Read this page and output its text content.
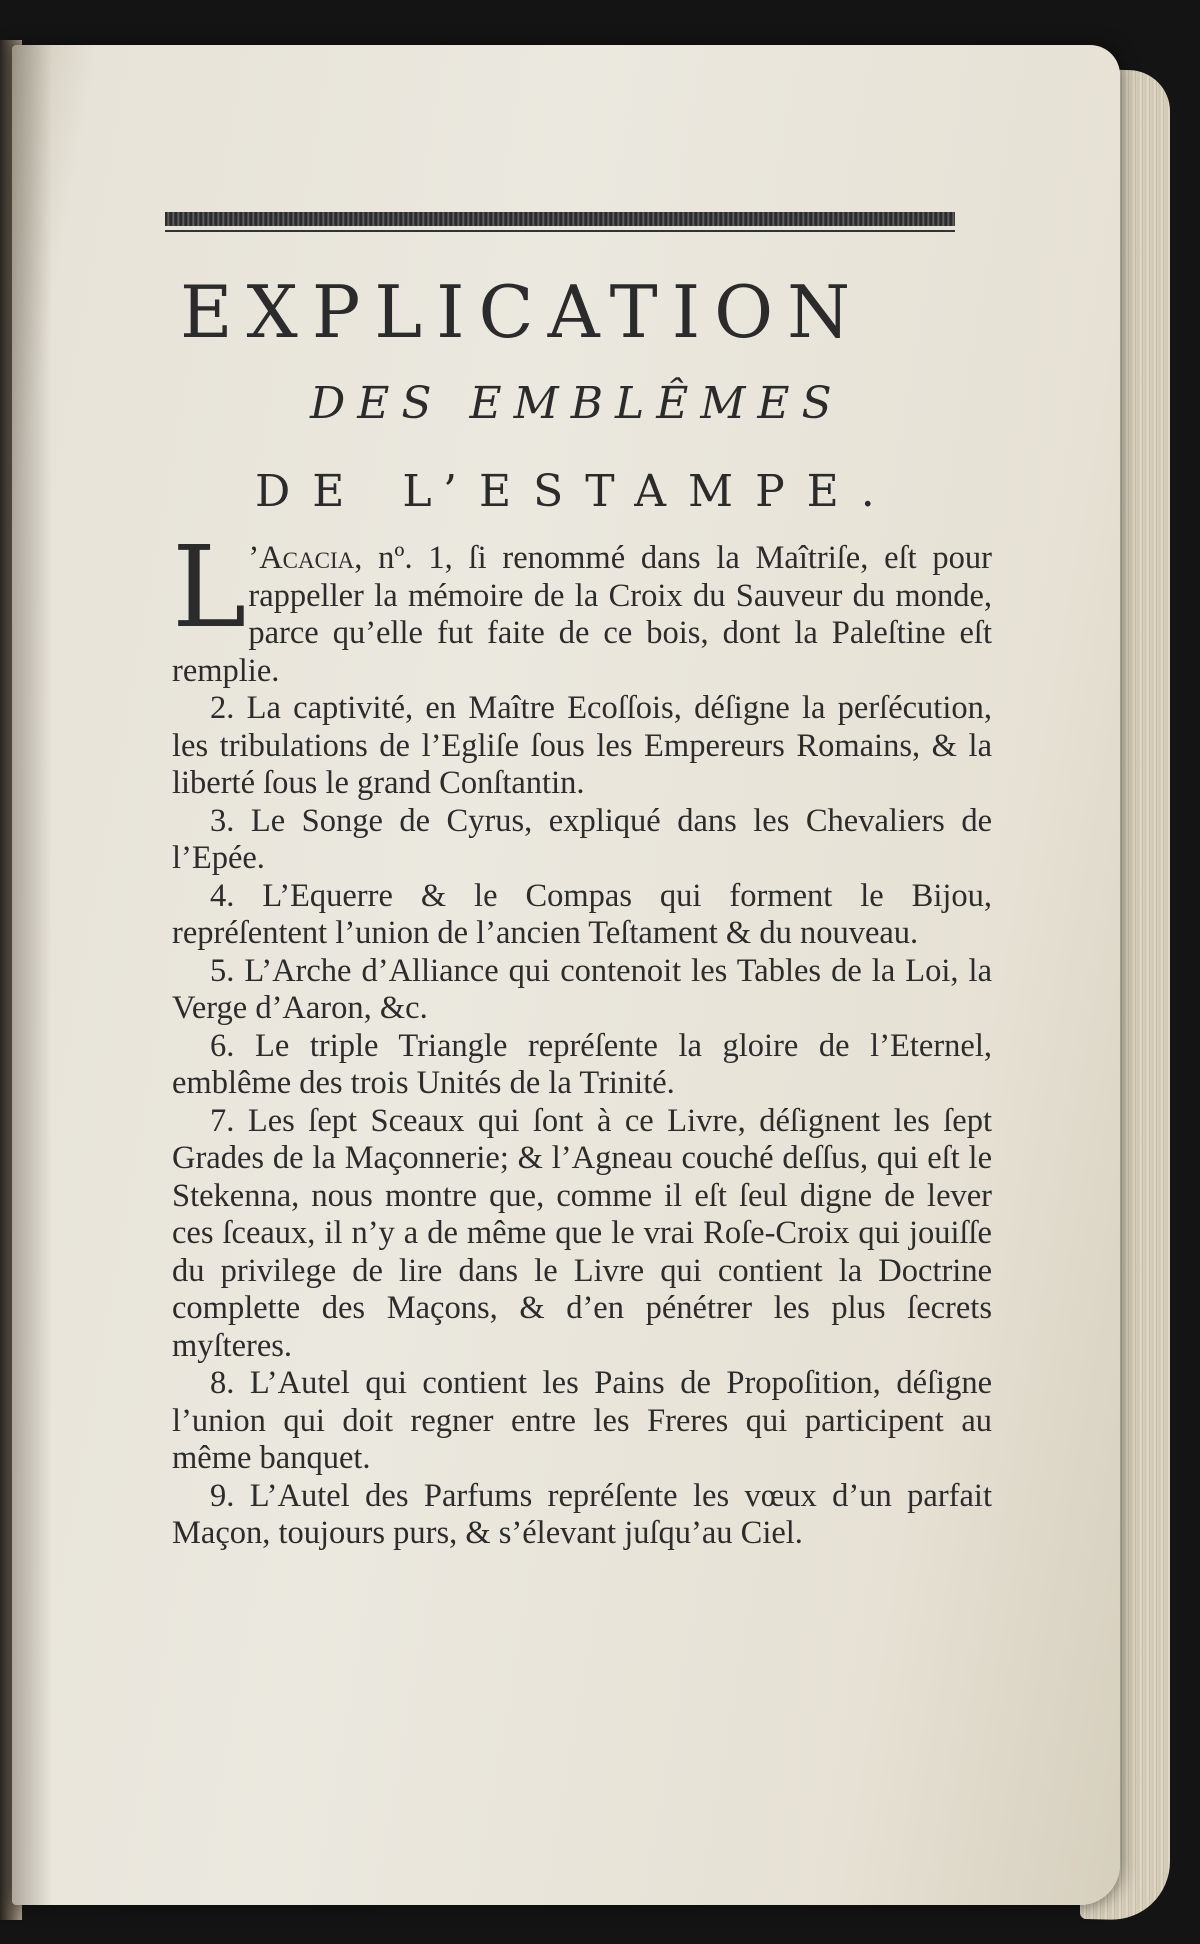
EXPLICATION
DES EMBLÊMES
DE L’ESTAMPE.

L ’Acacia, nº. 1, ſi renommé dans la Maîtriſe, eſt pour rappeller la mémoire de la Croix du Sauveur du monde, parce qu’elle fut faite de ce bois, dont la Paleſtine eſt remplie.

2. La captivité, en Maître Ecoſſois, déſigne la perſécution, les tribulations de l’Egliſe ſous les Empereurs Romains, & la liberté ſous le grand Conſtantin.

3. Le Songe de Cyrus, expliqué dans les Chevaliers de l’Epée.

4. L’Equerre & le Compas qui forment le Bijou, repréſentent l’union de l’ancien Teſtament & du nouveau.

5. L’Arche d’Alliance qui contenoit les Tables de la Loi, la Verge d’Aaron, &c.

6. Le triple Triangle repréſente la gloire de l’Eternel, emblême des trois Unités de la Trinité.

7. Les ſept Sceaux qui ſont à ce Livre, déſignent les ſept Grades de la Maçonnerie; & l’Agneau couché deſſus, qui eſt le Stekenna, nous montre que, comme il eſt ſeul digne de lever ces ſceaux, il n’y a de même que le vrai Roſe-Croix qui jouiſſe du privilege de lire dans le Livre qui contient la Doctrine complette des Maçons, & d’en pénétrer les plus ſecrets myſteres.

8. L’Autel qui contient les Pains de Propoſition, déſigne l’union qui doit regner entre les Freres qui participent au même banquet.

9. L’Autel des Parfums repréſente les vœux d’un parfait Maçon, toujours purs, & s’élevant juſqu’au Ciel.
